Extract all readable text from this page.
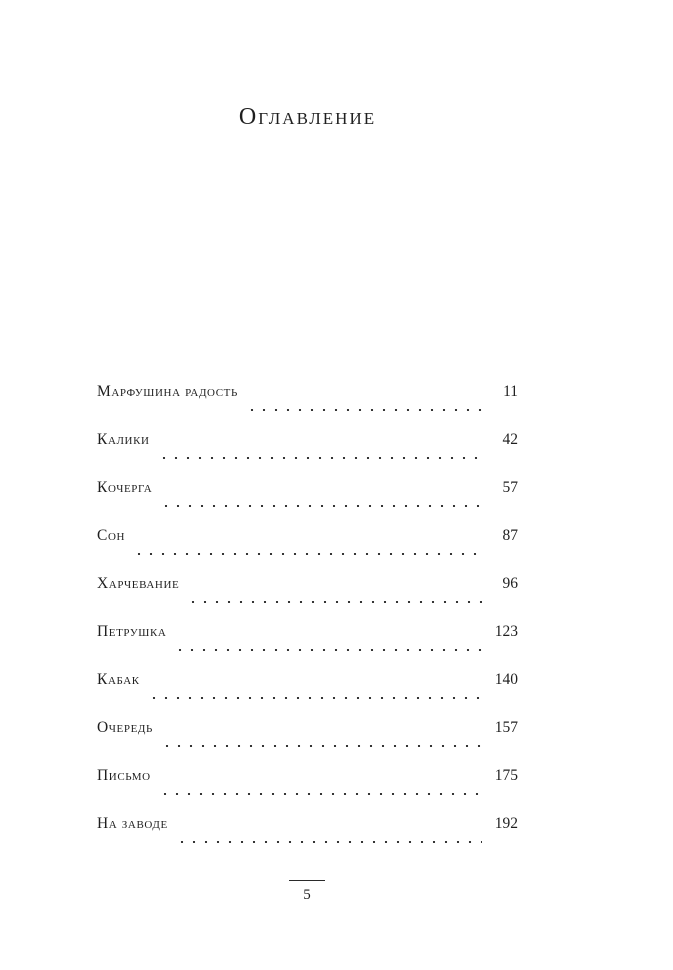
Оглавление
Марфушина радость	11
Калики	42
Кочерга	57
Сон	87
Харчевание	96
Петрушка	123
Кабак	140
Очередь	157
Письмо	175
На заводе	192
5
